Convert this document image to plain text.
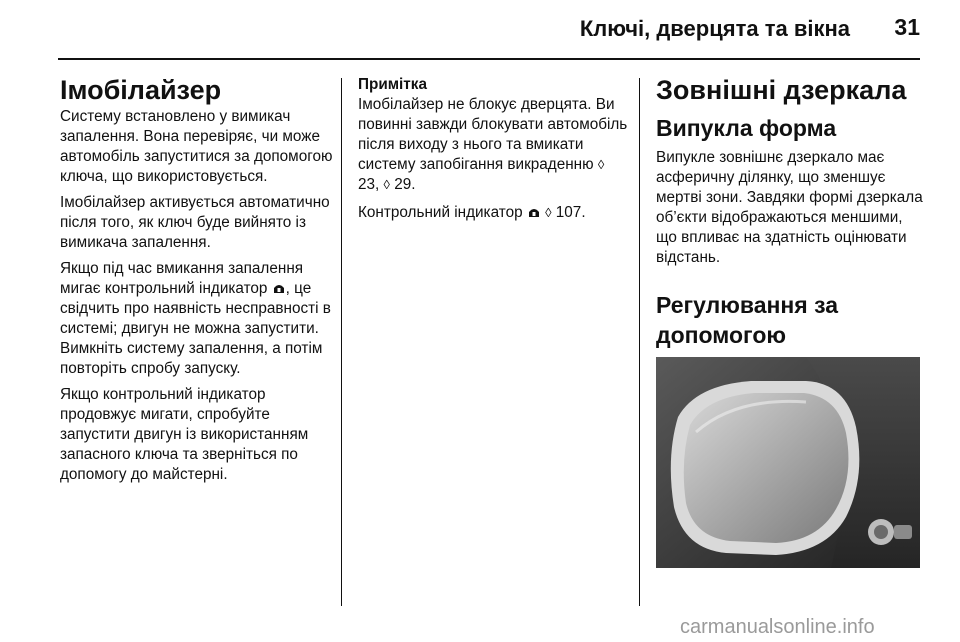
Ключі, дверцята та вікна	31
Імобілайзер

Систему встановлено у вимикач запалення. Вона перевіряє, чи може автомобіль запуститися за допомогою ключа, що використовується.

Імобілайзер активується автоматично після того, як ключ буде вийнято із вимикача запалення.

Якщо під час вмикання запалення мигає контрольний індикатор , це свідчить про наявність несправності в системі; двигун не можна запустити. Вимкніть систему запалення, а потім повторіть спробу запуску.

Якщо контрольний індикатор продовжує мигати, спробуйте запустити двигун із використанням запасного ключа та зверніться по допомогу до майстерні.

Примітка

Імобілайзер не блокує дверцята. Ви повинні завжди блокувати автомобіль після виходу з нього та вмикати систему запобігання викраденню ◊ 23, ◊ 29.

Контрольний індикатор ◊ 107.

Зовнішні дзеркала
Випукла форма

Випукле зовнішнє дзеркало має асферичну ділянку, що зменшує мертві зони. Завдяки формі дзеркала об’єкти відображаються меншими, що впливає на здатність оцінювати відстань.

Регулювання за допомогою
carmanualsonline.info
